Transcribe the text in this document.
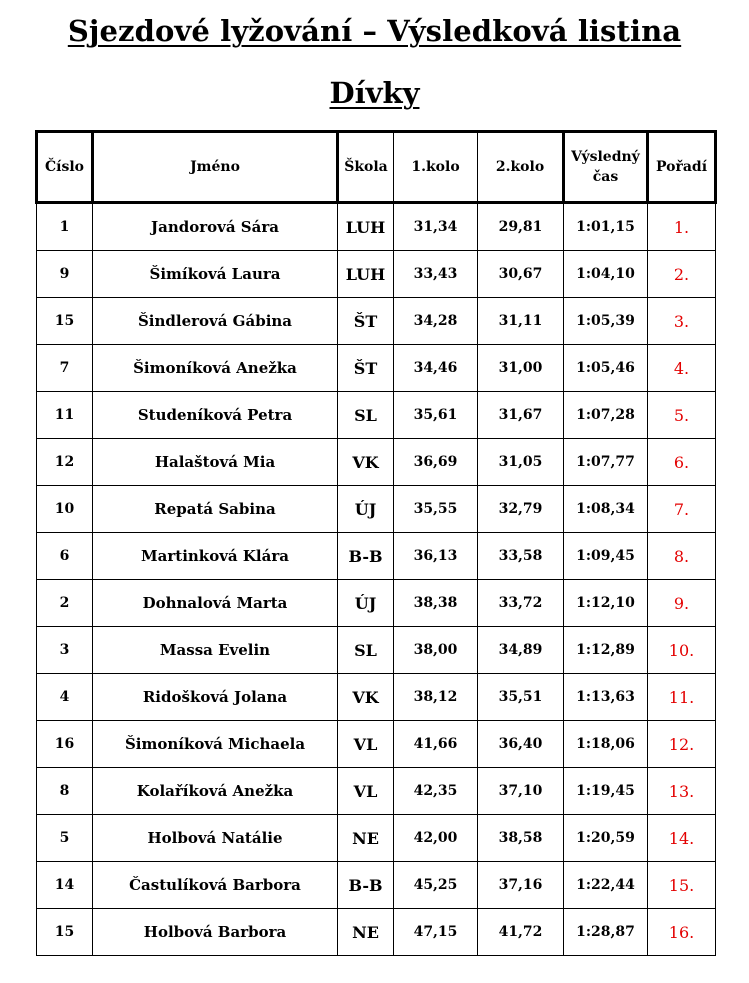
Sjezdové lyžování – Výsledková listina
Dívky
Číslo	Jméno	Škola	1.kolo	2.kolo	Výsledný čas	Pořadí
1	Jandorová Sára	LUH	31,34	29,81	1:01,15	1.
9	Šimíková Laura	LUH	33,43	30,67	1:04,10	2.
15	Šindlerová Gábina	ŠT	34,28	31,11	1:05,39	3.
7	Šimoníková Anežka	ŠT	34,46	31,00	1:05,46	4.
11	Studeníková Petra	SL	35,61	31,67	1:07,28	5.
12	Halaštová Mia	VK	36,69	31,05	1:07,77	6.
10	Repatá Sabina	ÚJ	35,55	32,79	1:08,34	7.
6	Martinková Klára	B-B	36,13	33,58	1:09,45	8.
2	Dohnalová Marta	ÚJ	38,38	33,72	1:12,10	9.
3	Massa Evelin	SL	38,00	34,89	1:12,89	10.
4	Ridošková Jolana	VK	38,12	35,51	1:13,63	11.
16	Šimoníková Michaela	VL	41,66	36,40	1:18,06	12.
8	Kolaříková Anežka	VL	42,35	37,10	1:19,45	13.
5	Holbová Natálie	NE	42,00	38,58	1:20,59	14.
14	Častulíková Barbora	B-B	45,25	37,16	1:22,44	15.
15	Holbová Barbora	NE	47,15	41,72	1:28,87	16.
